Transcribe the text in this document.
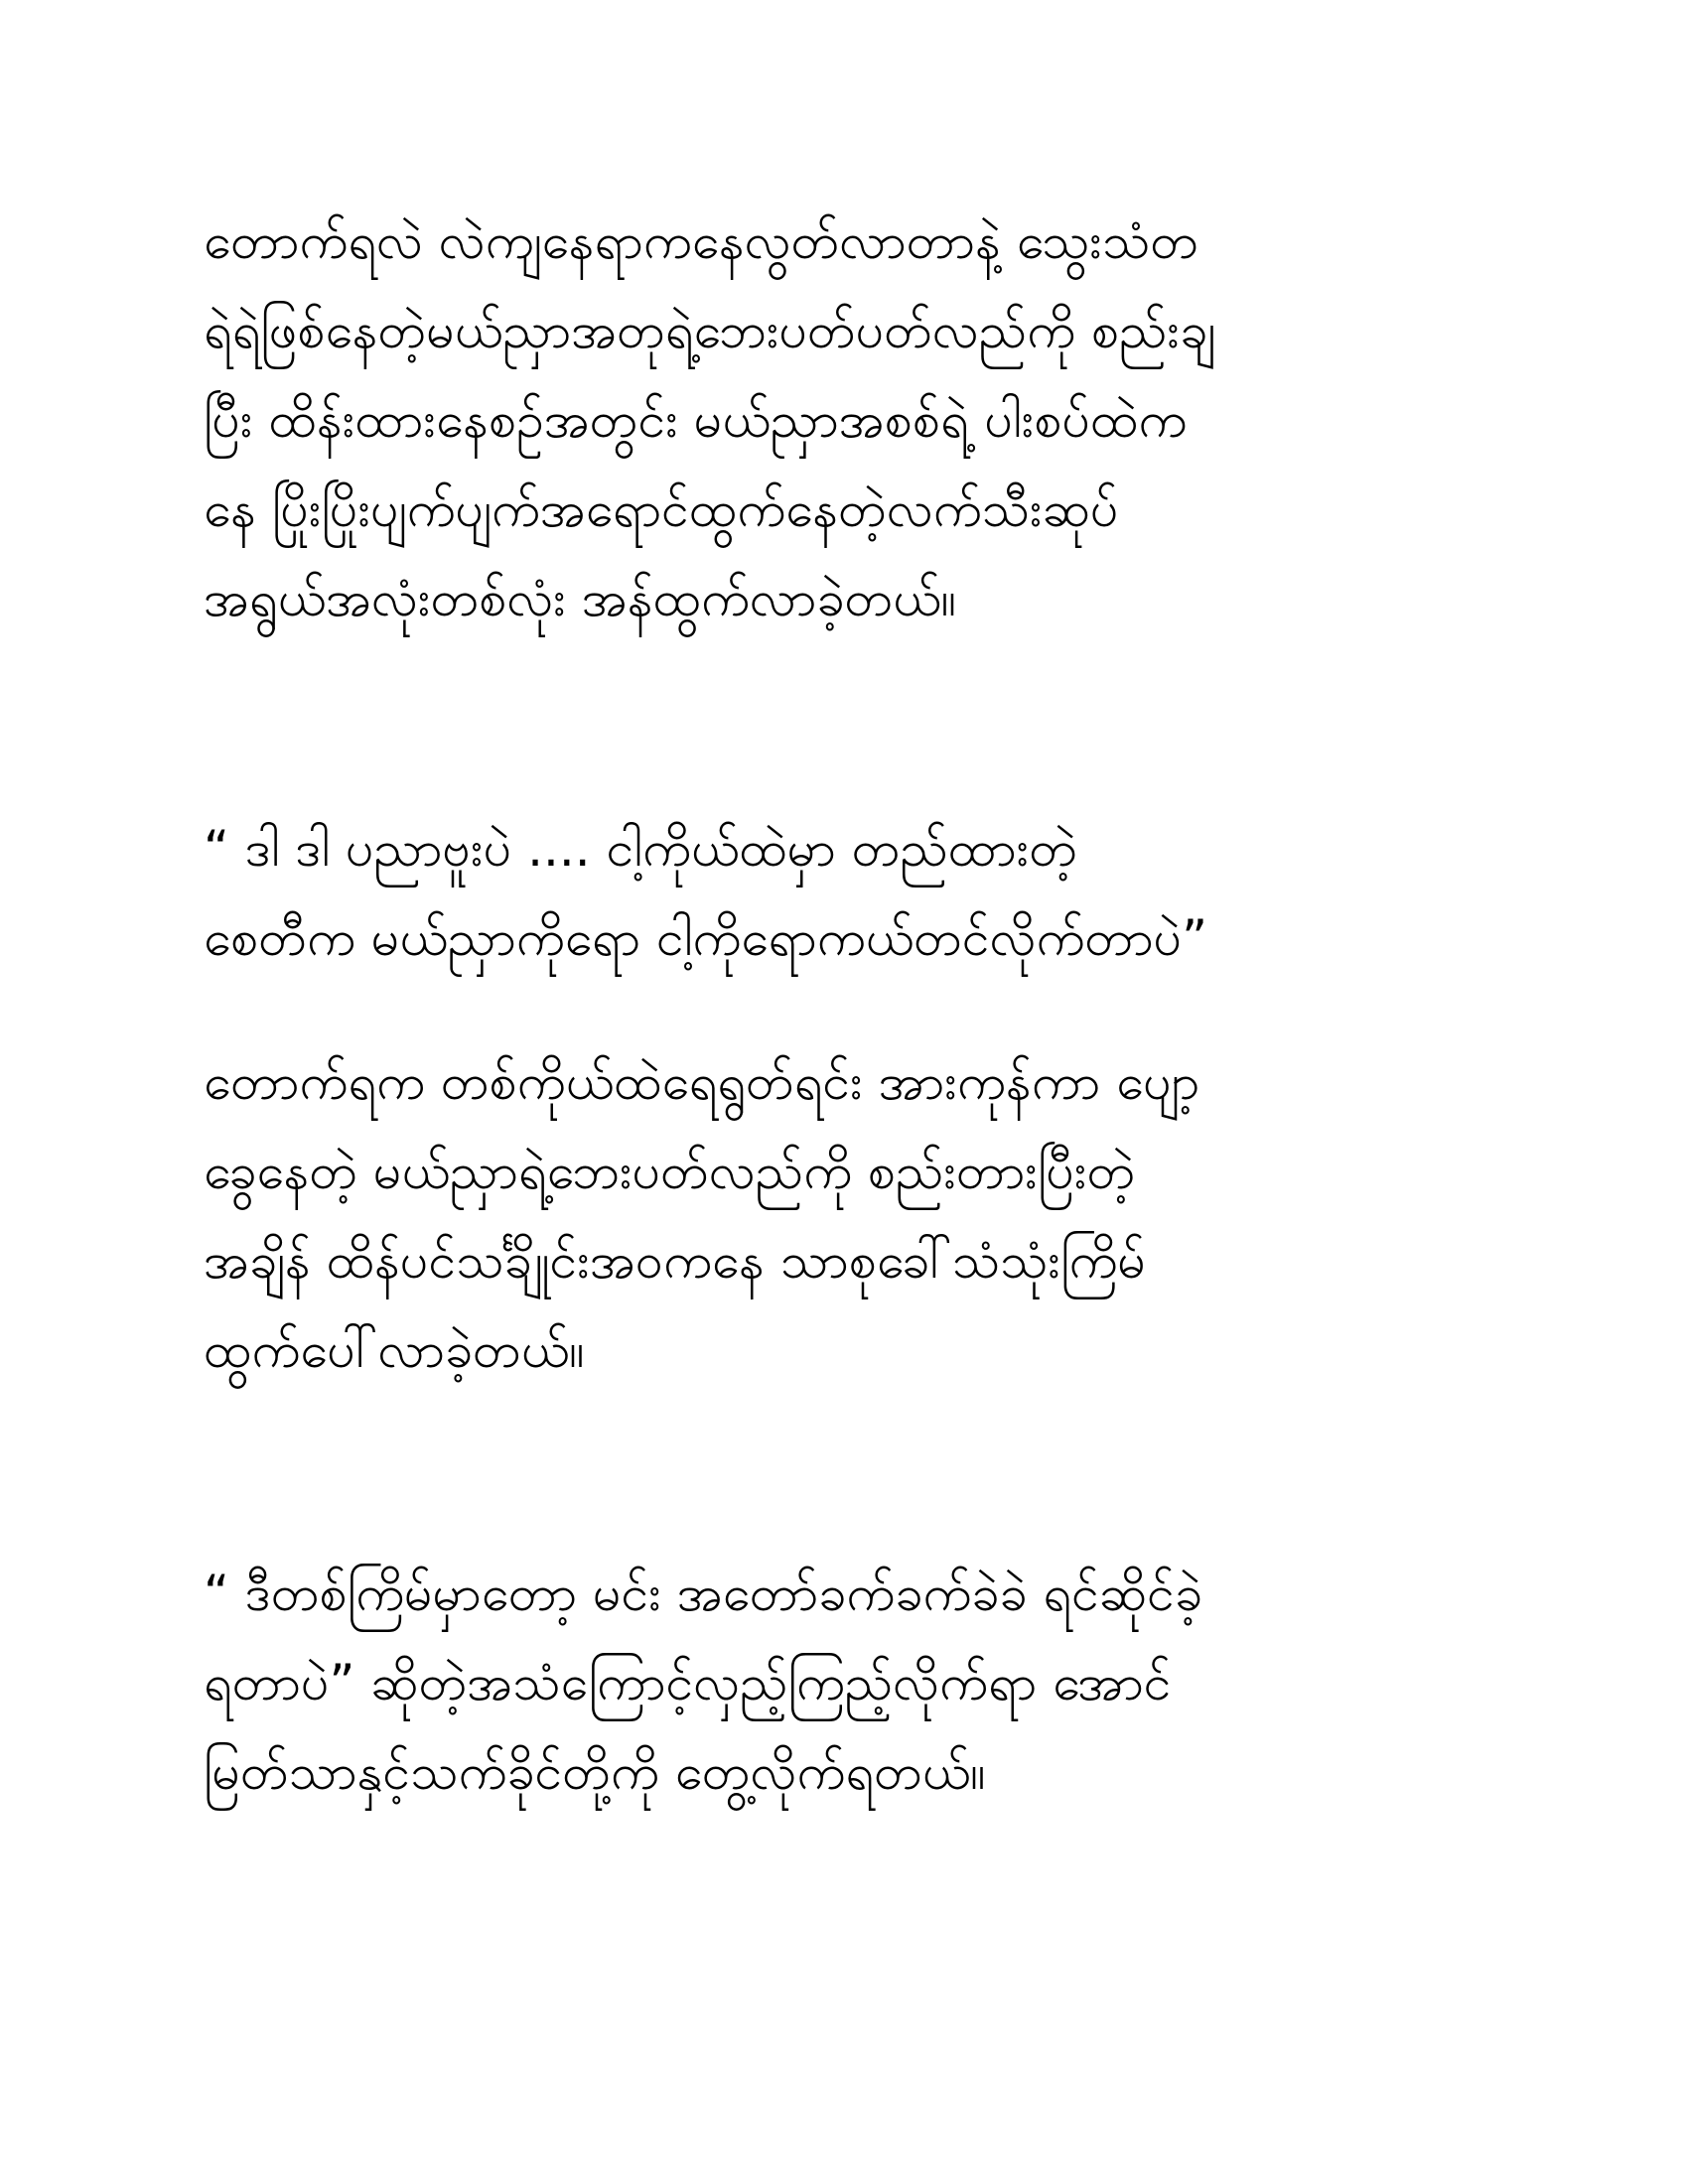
တောက်ရလဲ လဲကျနေရာကနေလွတ်လာတာနဲ့ သွေးသံတ
ရဲရဲဖြစ်နေတဲ့မယ်ညှာအတုရဲ့ဘေးပတ်ပတ်လည်ကို စည်းချ
ပြီး ထိန်းထားနေစဉ်အတွင်း မယ်ညှာအစစ်ရဲ့ ပါးစပ်ထဲက
နေ ပြိုးပြိုးပျက်ပျက်အရောင်ထွက်နေတဲ့လက်သီးဆုပ်
အရွယ်အလုံးတစ်လုံး အန်ထွက်လာခဲ့တယ်။
“ ဒါ ဒါ ပညာဗူးပဲ .... ငါ့ကိုယ်ထဲမှာ တည်ထားတဲ့
စေတီက မယ်ညှာကိုရော ငါ့ကိုရောကယ်တင်လိုက်တာပဲ”
တောက်ရက တစ်ကိုယ်ထဲရေရွတ်ရင်း အားကုန်ကာ ပျော့
ခွေနေတဲ့ မယ်ညှာရဲ့ဘေးပတ်လည်ကို စည်းတားပြီးတဲ့
အချိန် ထိန်ပင်သင်္ချိုင်းအဝကနေ သာစုခေါ်သံသုံးကြိမ်
ထွက်ပေါ်လာခဲ့တယ်။
“ ဒီတစ်ကြိမ်မှာတော့ မင်း အတော်ခက်ခက်ခဲခဲ ရင်ဆိုင်ခဲ့
ရတာပဲ” ဆိုတဲ့အသံကြောင့်လှည့်ကြည့်လိုက်ရာ အောင်
မြတ်သာနှင့်သက်ခိုင်တို့ကို တွေ့လိုက်ရတယ်။
